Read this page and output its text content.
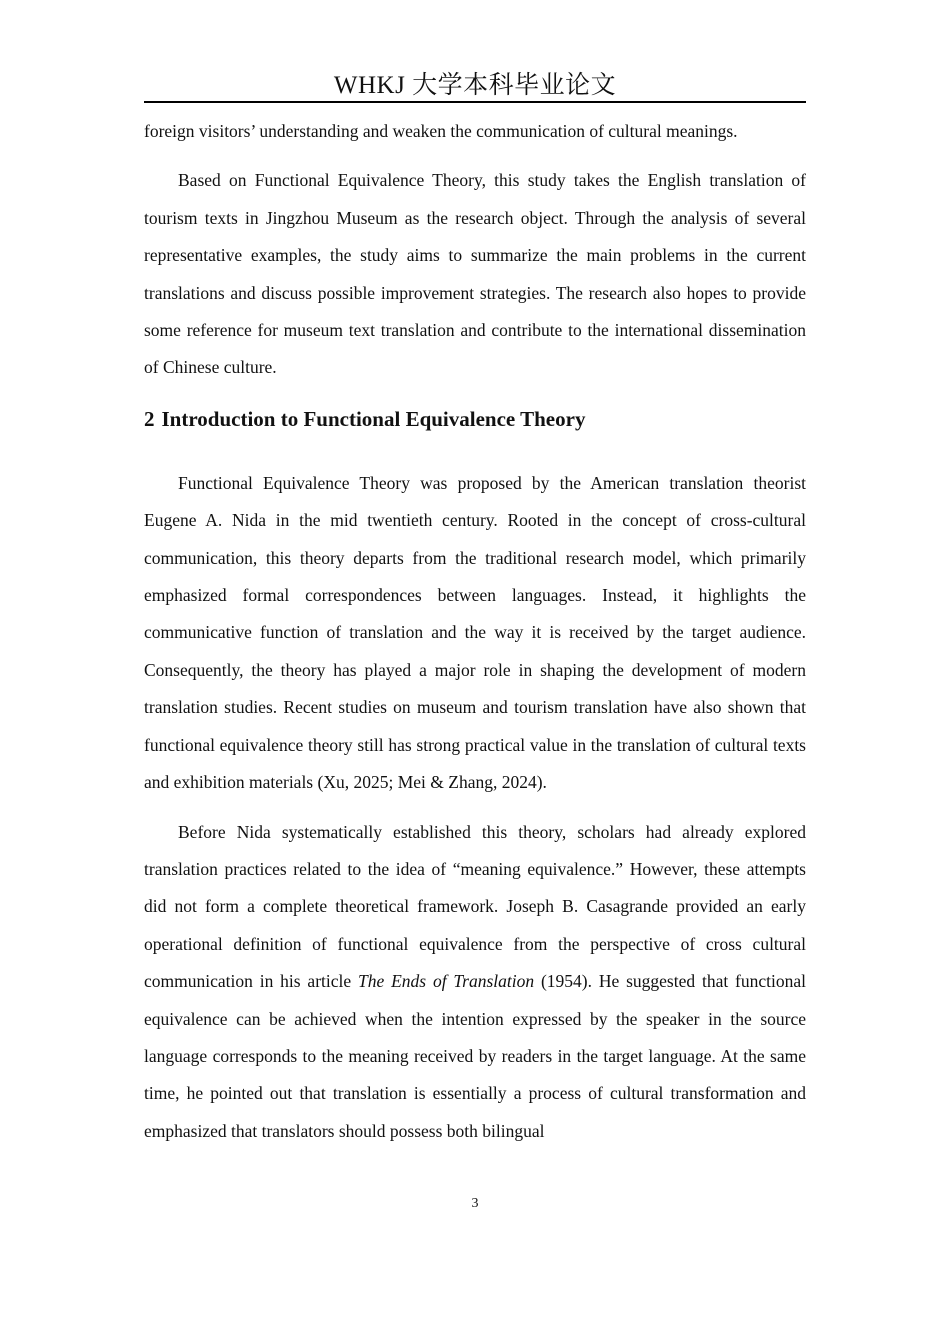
WHKJ 大学本科毕业论文

foreign visitors’ understanding and weaken the communication of cultural meanings.

Based on Functional Equivalence Theory, this study takes the English translation of tourism texts in Jingzhou Museum as the research object. Through the analysis of several representative examples, the study aims to summarize the main problems in the current translations and discuss possible improvement strategies. The research also hopes to provide some reference for museum text translation and contribute to the international dissemination of Chinese culture.

2 Introduction to Functional Equivalence Theory

Functional Equivalence Theory was proposed by the American translation theorist Eugene A. Nida in the mid twentieth century. Rooted in the concept of cross-cultural communication, this theory departs from the traditional research model, which primarily emphasized formal correspondences between languages. Instead, it highlights the communicative function of translation and the way it is received by the target audience. Consequently, the theory has played a major role in shaping the development of modern translation studies. Recent studies on museum and tourism translation have also shown that functional equivalence theory still has strong practical value in the translation of cultural texts and exhibition materials (Xu, 2025; Mei & Zhang, 2024).

Before Nida systematically established this theory, scholars had already explored translation practices related to the idea of “meaning equivalence.” However, these attempts did not form a complete theoretical framework. Joseph B. Casagrande provided an early operational definition of functional equivalence from the perspective of cross cultural communication in his article The Ends of Translation (1954). He suggested that functional equivalence can be achieved when the intention expressed by the speaker in the source language corresponds to the meaning received by readers in the target language. At the same time, he pointed out that translation is essentially a process of cultural transformation and emphasized that translators should possess both bilingual

3
